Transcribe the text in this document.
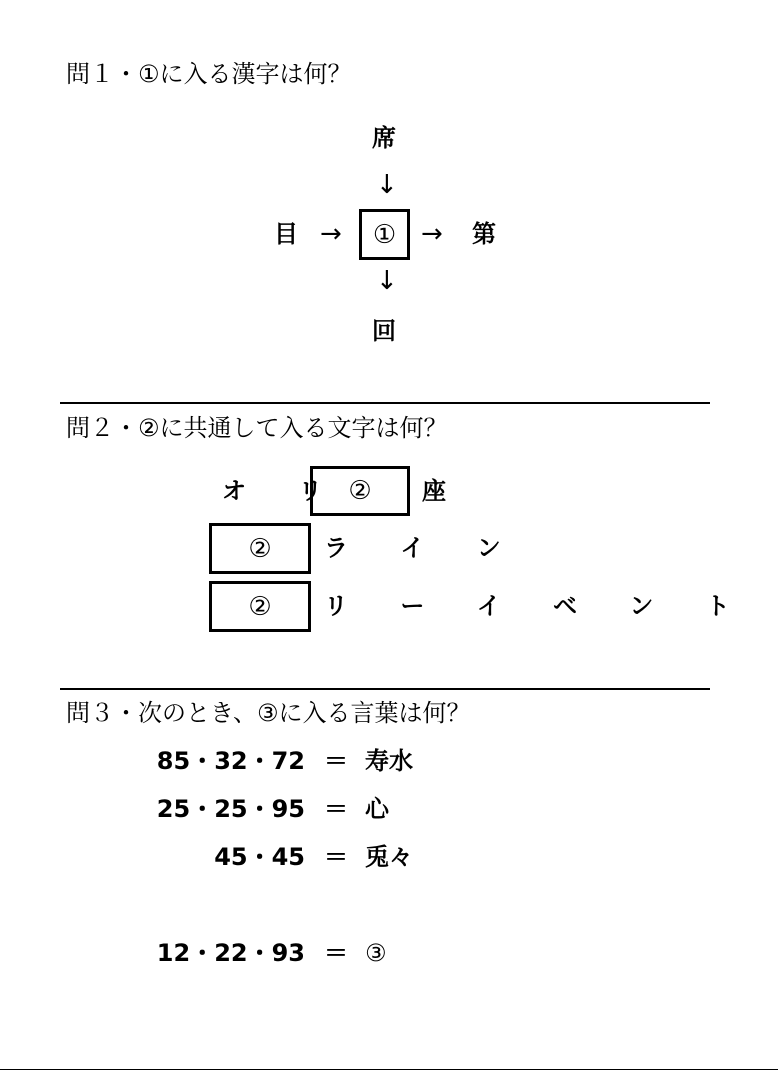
問１・①に入る漢字は何？
席
↓
目 → ① → 第
↓
回
問２・②に共通して入る文字は何？
オ リ ② 座
② ラ イ ン
② リ ー イ ベ ン ト
問３・次のとき、③に入る言葉は何？
85・32・72 ＝ 寿水
25・25・95 ＝ 心
45・45 ＝ 兎々
12・22・93 ＝ ③
